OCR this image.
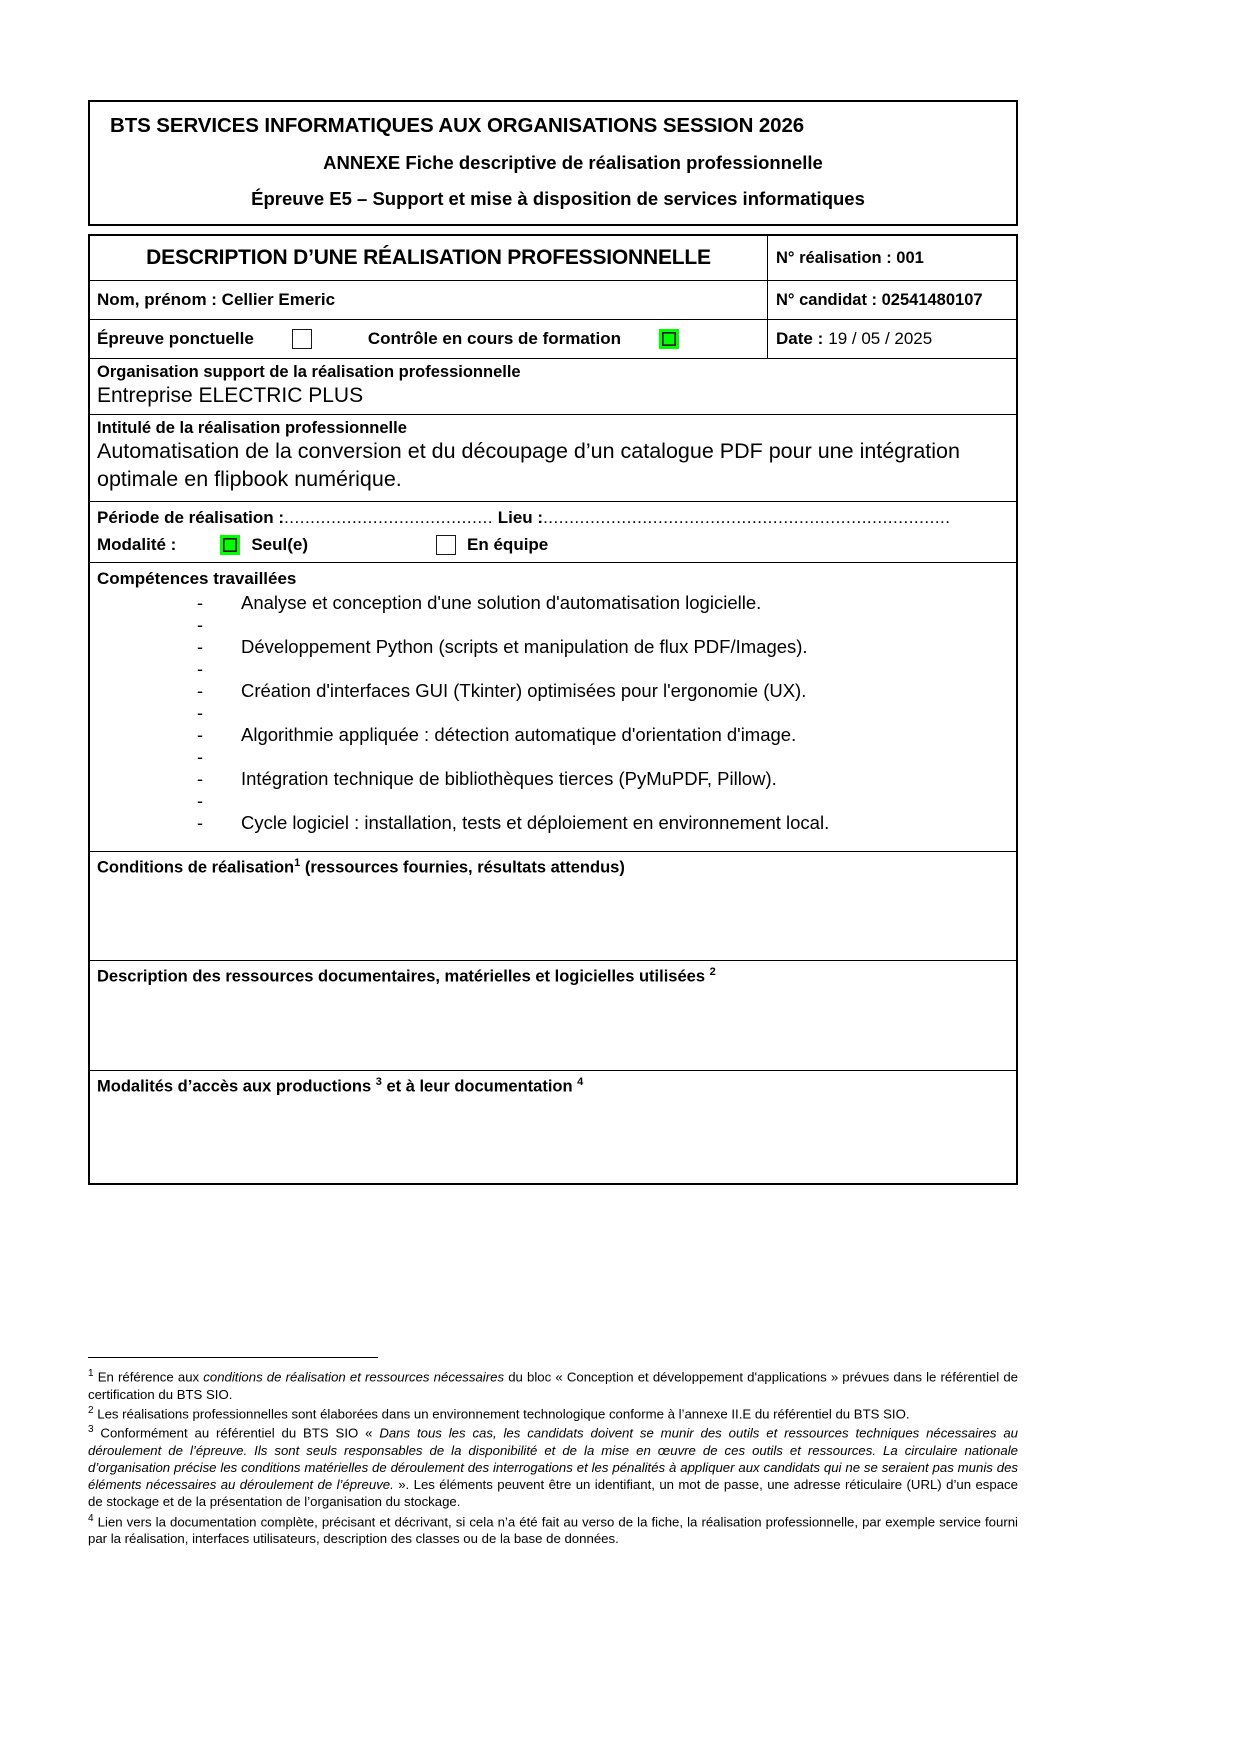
BTS SERVICES INFORMATIQUES AUX ORGANISATIONS SESSION 2026
ANNEXE Fiche descriptive de réalisation professionnelle
Épreuve E5 – Support et mise à disposition de services informatiques
DESCRIPTION D’UNE RÉALISATION PROFESSIONNELLE	N° réalisation : 001
Nom, prénom : Cellier Emeric	N° candidat : 02541480107
Épreuve ponctuelle	Contrôle en cours de formation	Date : 19 / 05 / 2025
Organisation support de la réalisation professionnelle
Entreprise ELECTRIC PLUS
Intitulé de la réalisation professionnelle
Automatisation de la conversion et du découpage d’un catalogue PDF pour une intégration optimale en flipbook numérique.
Période de réalisation :........................................ Lieu :..............................................................................
Modalité :	Seul(e)	En équipe
Compétences travaillées
-	Analyse et conception d'une solution d'automatisation logicielle.
-
-	Développement Python (scripts et manipulation de flux PDF/Images).
-
-	Création d'interfaces GUI (Tkinter) optimisées pour l'ergonomie (UX).
-
-	Algorithmie appliquée : détection automatique d'orientation d'image.
-
-	Intégration technique de bibliothèques tierces (PyMuPDF, Pillow).
-
-	Cycle logiciel : installation, tests et déploiement en environnement local.
Conditions de réalisation$^1$ (ressources fournies, résultats attendus)
Description des ressources documentaires, matérielles et logicielles utilisées $^2$
Modalités d’accès aux productions $^3$ et à leur documentation $^4$

$^1$ En référence aux conditions de réalisation et ressources nécessaires du bloc « Conception et développement d'applications » prévues dans le référentiel de certification du BTS SIO.

$^2$ Les réalisations professionnelles sont élaborées dans un environnement technologique conforme à l’annexe II.E du référentiel du BTS SIO.

$^3$ Conformément au référentiel du BTS SIO « Dans tous les cas, les candidats doivent se munir des outils et ressources techniques nécessaires au déroulement de l’épreuve. Ils sont seuls responsables de la disponibilité et de la mise en œuvre de ces outils et ressources. La circulaire nationale d’organisation précise les conditions matérielles de déroulement des interrogations et les pénalités à appliquer aux candidats qui ne se seraient pas munis des éléments nécessaires au déroulement de l’épreuve. ». Les éléments peuvent être un identifiant, un mot de passe, une adresse réticulaire (URL) d’un espace de stockage et de la présentation de l’organisation du stockage.

$^4$ Lien vers la documentation complète, précisant et décrivant, si cela n’a été fait au verso de la fiche, la réalisation professionnelle, par exemple service fourni par la réalisation, interfaces utilisateurs, description des classes ou de la base de données.
